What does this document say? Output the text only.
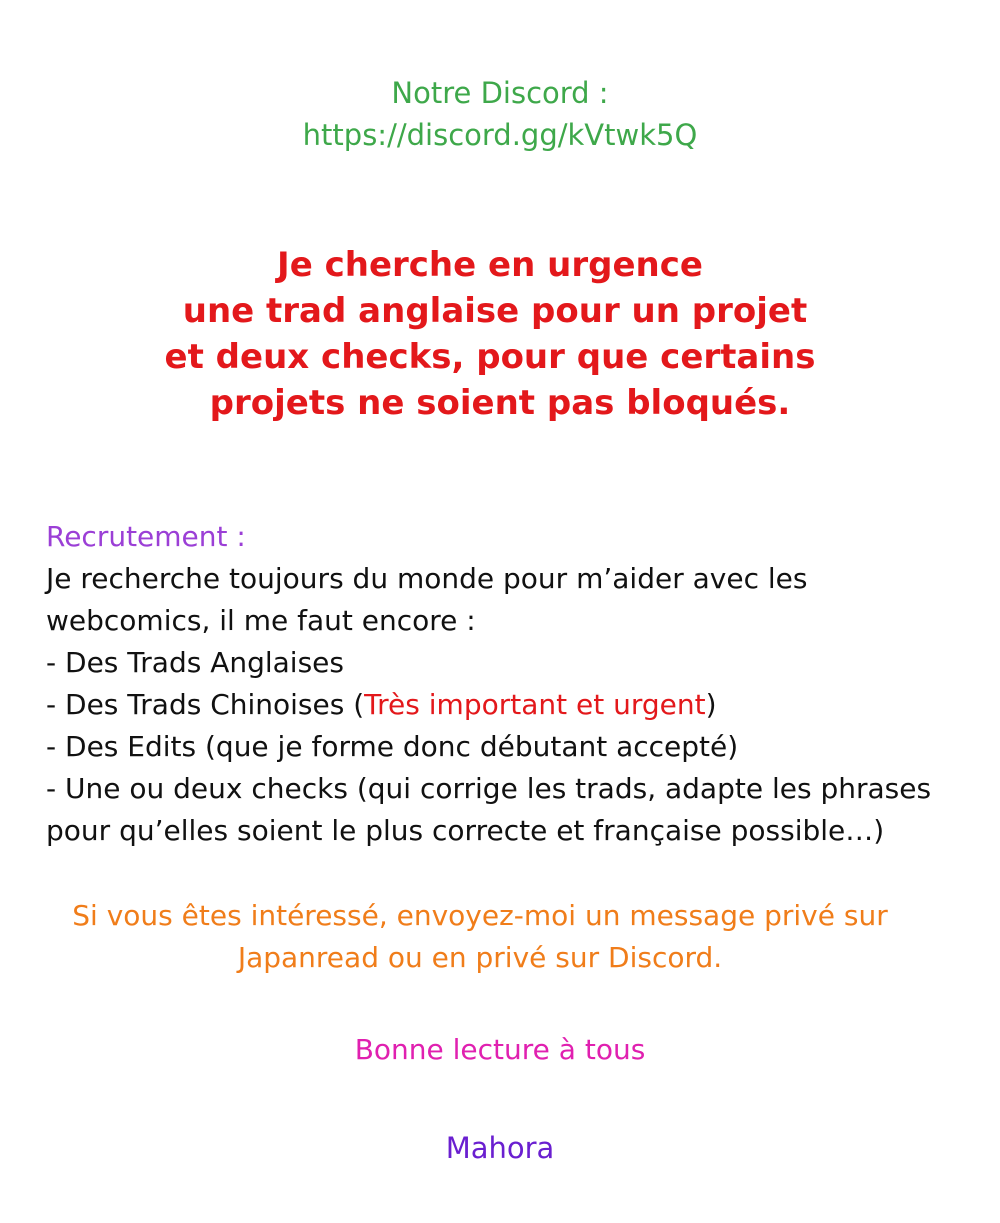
Notre Discord :
https://discord.gg/kVtwk5Q
Je cherche en urgence
une trad anglaise pour un projet
et deux checks, pour que certains
projets ne soient pas bloqués.
Recrutement :
Je recherche toujours du monde pour m’aider avec les
webcomics, il me faut encore :
- Des Trads Anglaises
- Des Trads Chinoises (Très important et urgent)
- Des Edits (que je forme donc débutant accepté)
- Une ou deux checks (qui corrige les trads, adapte les phrases
pour qu’elles soient le plus correcte et française possible…)
Si vous êtes intéressé, envoyez-moi un message privé sur
Japanread ou en privé sur Discord.
Bonne lecture à tous
Mahora
